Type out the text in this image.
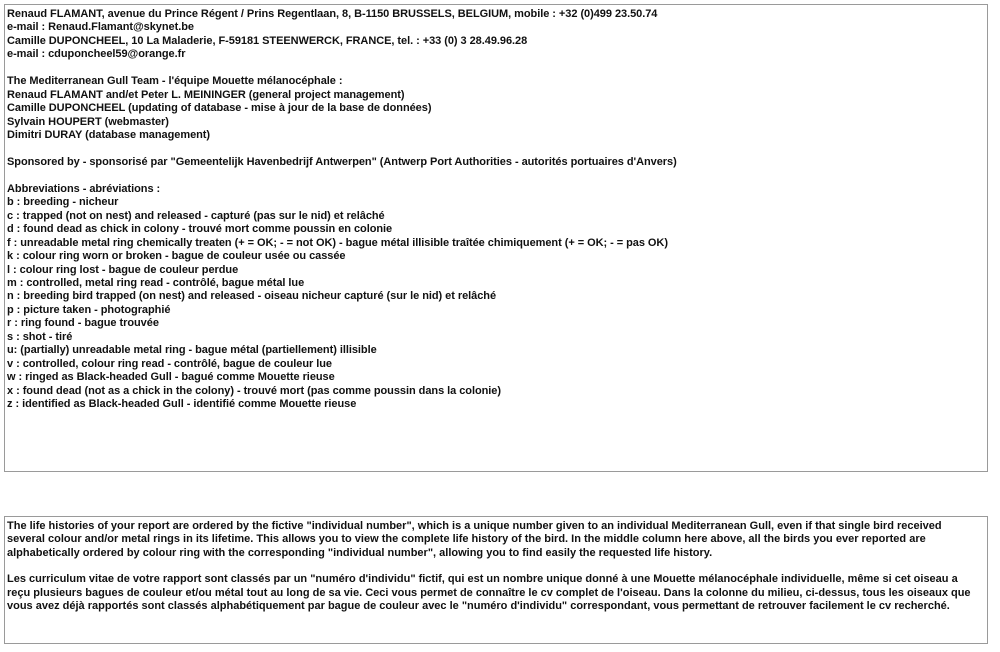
Renaud FLAMANT, avenue du Prince Régent / Prins Regentlaan, 8, B-1150 BRUSSELS, BELGIUM, mobile : +32 (0)499 23.50.74
e-mail : Renaud.Flamant@skynet.be
Camille DUPONCHEEL, 10 La Maladerie, F-59181 STEENWERCK, FRANCE, tel. : +33 (0) 3 28.49.96.28
e-mail : cduponcheel59@orange.fr
The Mediterranean Gull Team - l'équipe Mouette mélanocéphale :
Renaud FLAMANT and/et Peter L. MEININGER (general project management)
Camille DUPONCHEEL (updating of database - mise à jour de la base de données)
Sylvain HOUPERT (webmaster)
Dimitri DURAY (database management)
Sponsored by - sponsorisé par "Gemeentelijk Havenbedrijf Antwerpen" (Antwerp Port Authorities - autorités portuaires d'Anvers)
Abbreviations - abréviations :
b : breeding - nicheur
c : trapped (not on nest) and released - capturé (pas sur le nid) et relâché
d : found dead as chick in colony - trouvé mort comme poussin en colonie
f : unreadable metal ring chemically treaten (+ = OK; - = not OK) - bague métal illisible traîtée chimiquement (+ = OK; - = pas OK)
k : colour ring worn or broken - bague de couleur usée ou cassée
l : colour ring lost - bague de couleur perdue
m : controlled, metal ring read - contrôlé, bague métal lue
n : breeding bird trapped (on nest) and released - oiseau nicheur capturé (sur le nid) et relâché
p : picture taken - photographié
r : ring found - bague trouvée
s : shot - tiré
u: (partially) unreadable metal ring - bague métal (partiellement) illisible
v : controlled, colour ring read - contrôlé, bague de couleur lue
w : ringed as Black-headed Gull - bagué comme Mouette rieuse
x : found dead (not as a chick in the colony) - trouvé mort (pas comme poussin dans la colonie)
z : identified as Black-headed Gull - identifié comme Mouette rieuse

The life histories of your report are ordered by the fictive "individual number", which is a unique number given to an individual Mediterranean Gull, even if that single bird received several colour and/or metal rings in its lifetime. This allows you to view the complete life history of the bird. In the middle column here above, all the birds you ever reported are alphabetically ordered by colour ring with the corresponding "individual number", allowing you to find easily the requested life history.

Les curriculum vitae de votre rapport sont classés par un "numéro d'individu" fictif, qui est un nombre unique donné à une Mouette mélanocéphale individuelle, même si cet oiseau a reçu plusieurs bagues de couleur et/ou métal tout au long de sa vie. Ceci vous permet de connaître le cv complet de l'oiseau. Dans la colonne du milieu, ci-dessus, tous les oiseaux que vous avez déjà rapportés sont classés alphabétiquement par bague de couleur avec le "numéro d'individu" correspondant, vous permettant de retrouver facilement le cv recherché.
